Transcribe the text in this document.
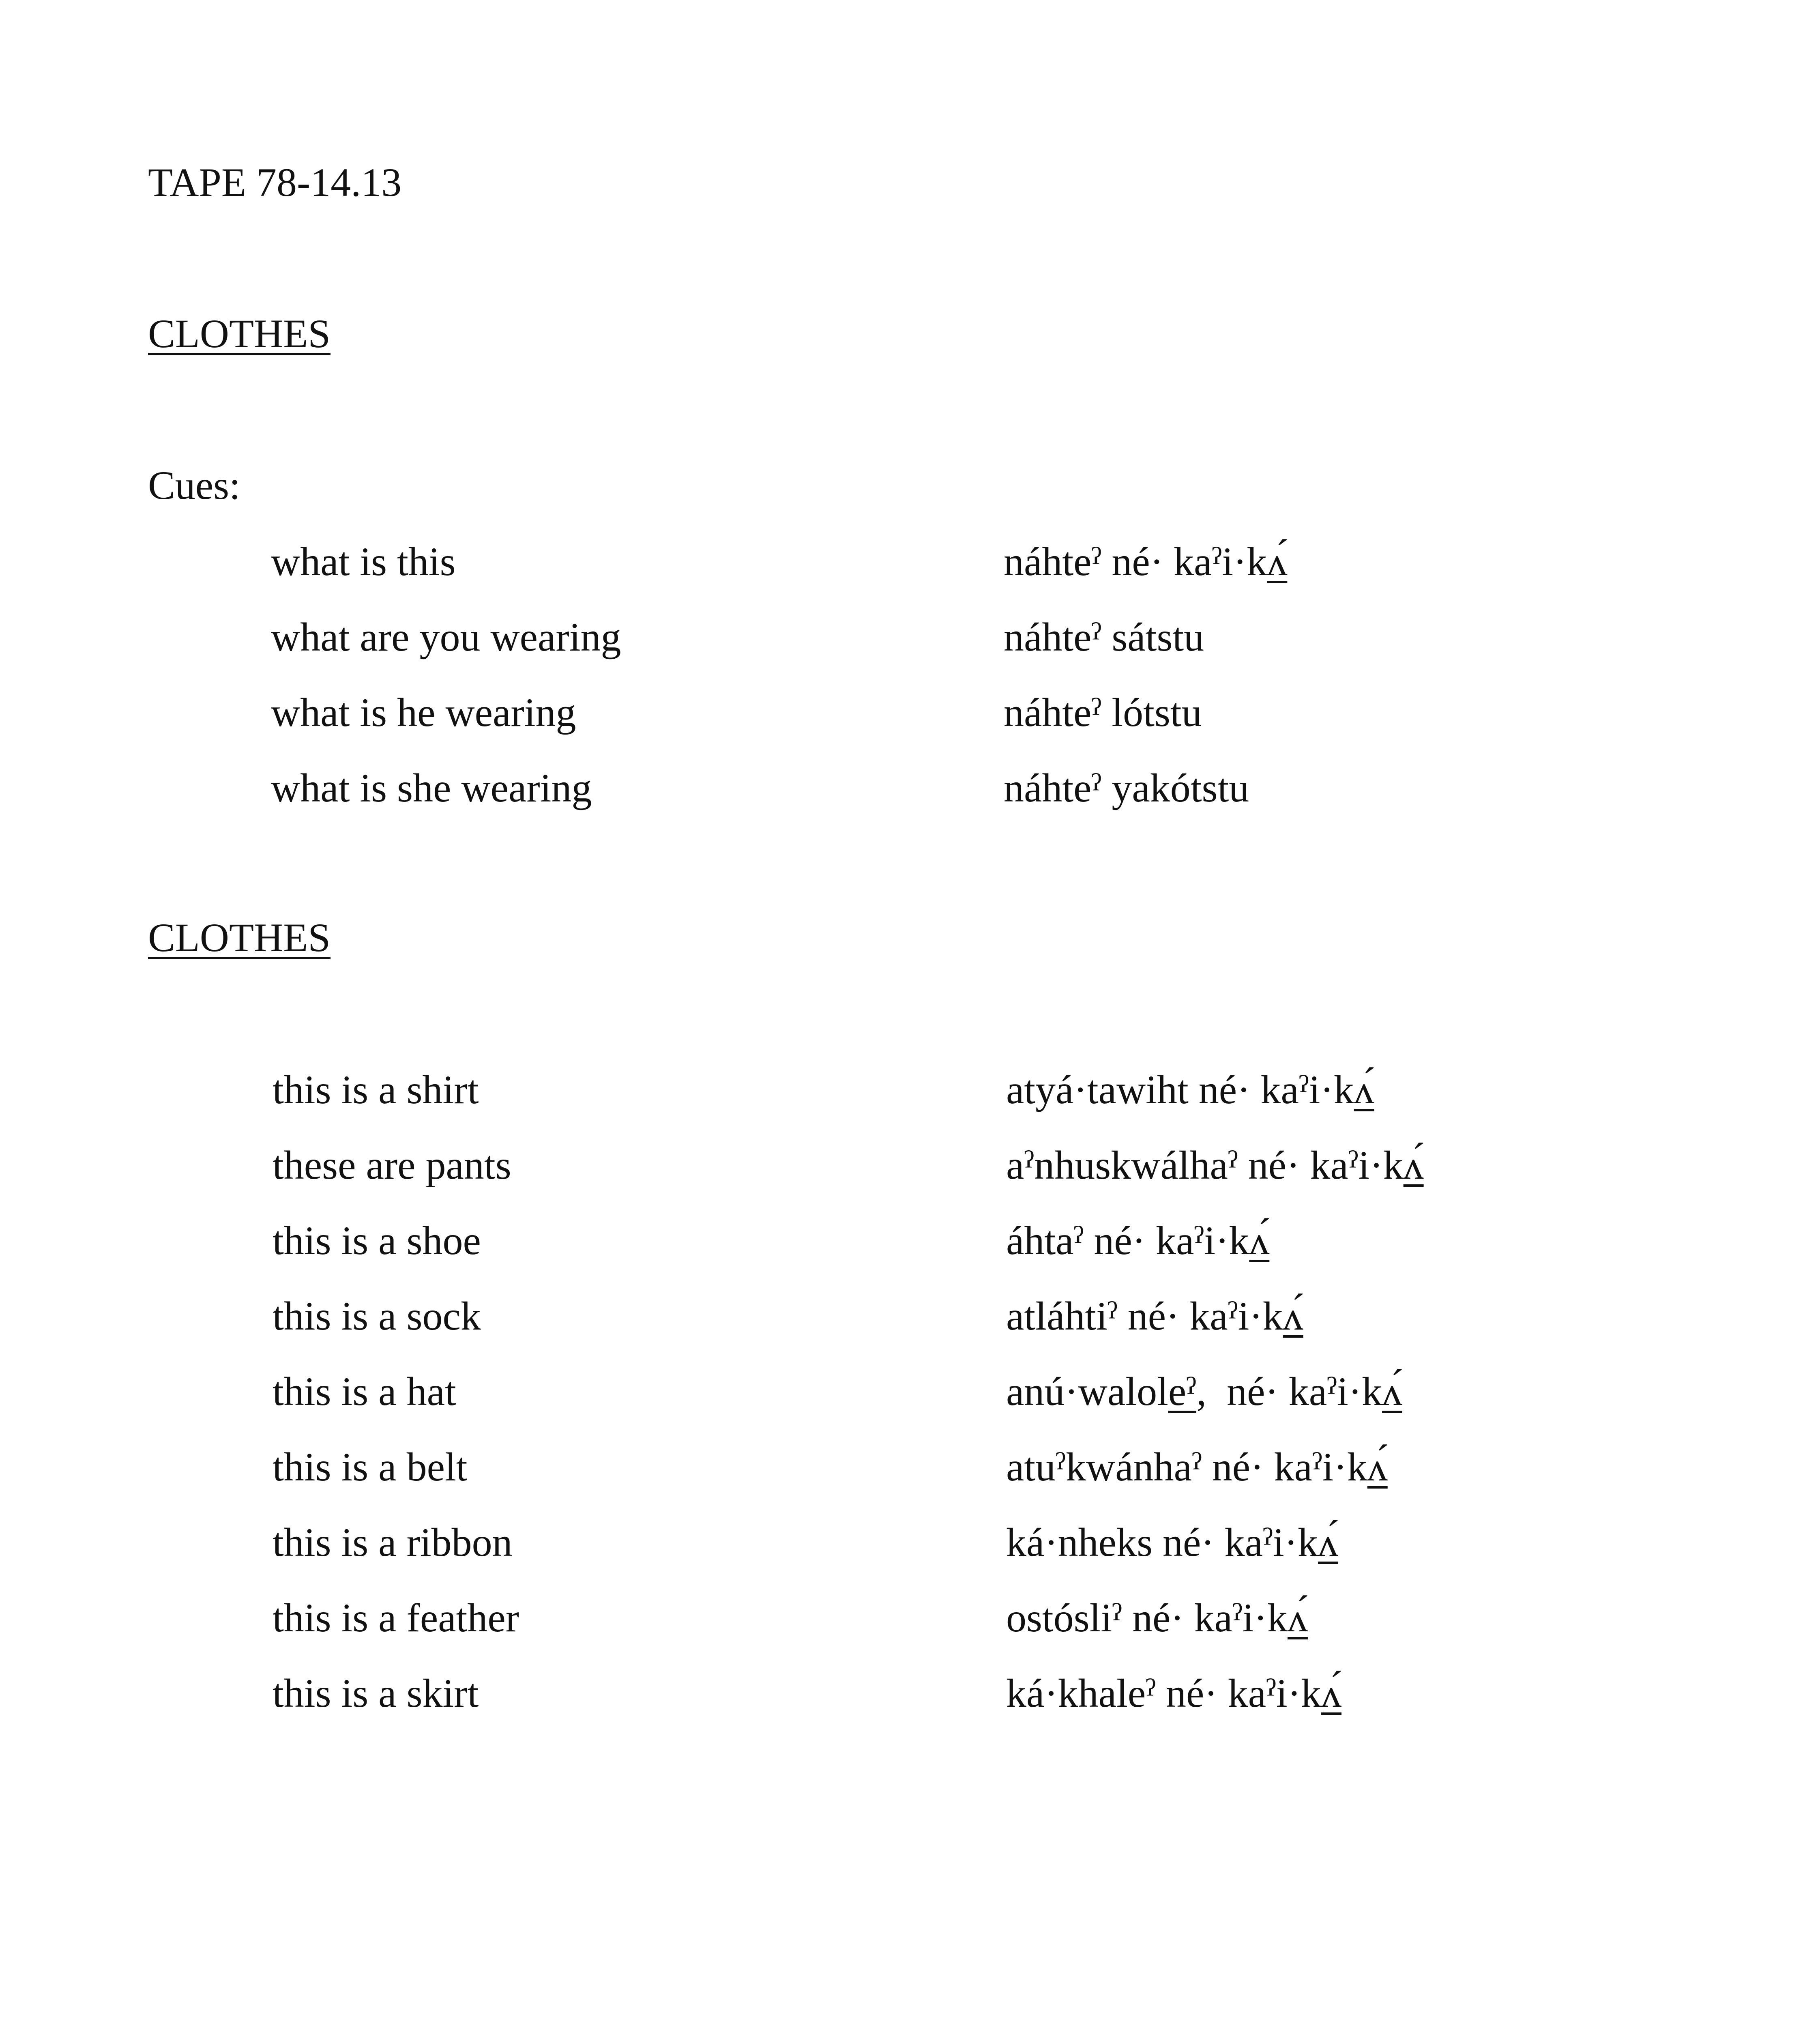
TAPE 78-14.13
CLOTHES
Cues:
what is this	náhteˀ né· kaˀi·kʌ́
what are you wearing	náhteˀ sátstu
what is he wearing	náhteˀ lótstu
what is she wearing	náhteˀ yakótstu
CLOTHES
this is a shirt	atyá·tawiht né· kaˀi·kʌ́
these are pants	aˀnhuskwálhaˀ né· kaˀi·kʌ́
this is a shoe	áhtaˀ né· kaˀi·kʌ́
this is a sock	atláhtiˀ né· kaˀi·kʌ́
this is a hat	anú·waloleˀ,  né· kaˀi·kʌ́
this is a belt	atuˀkwánhaˀ né· kaˀi·kʌ́
this is a ribbon	ká·nheks né· kaˀi·kʌ́
this is a feather	ostósliˀ né· kaˀi·kʌ́
this is a skirt	ká·khaleˀ né· kaˀi·kʌ́
